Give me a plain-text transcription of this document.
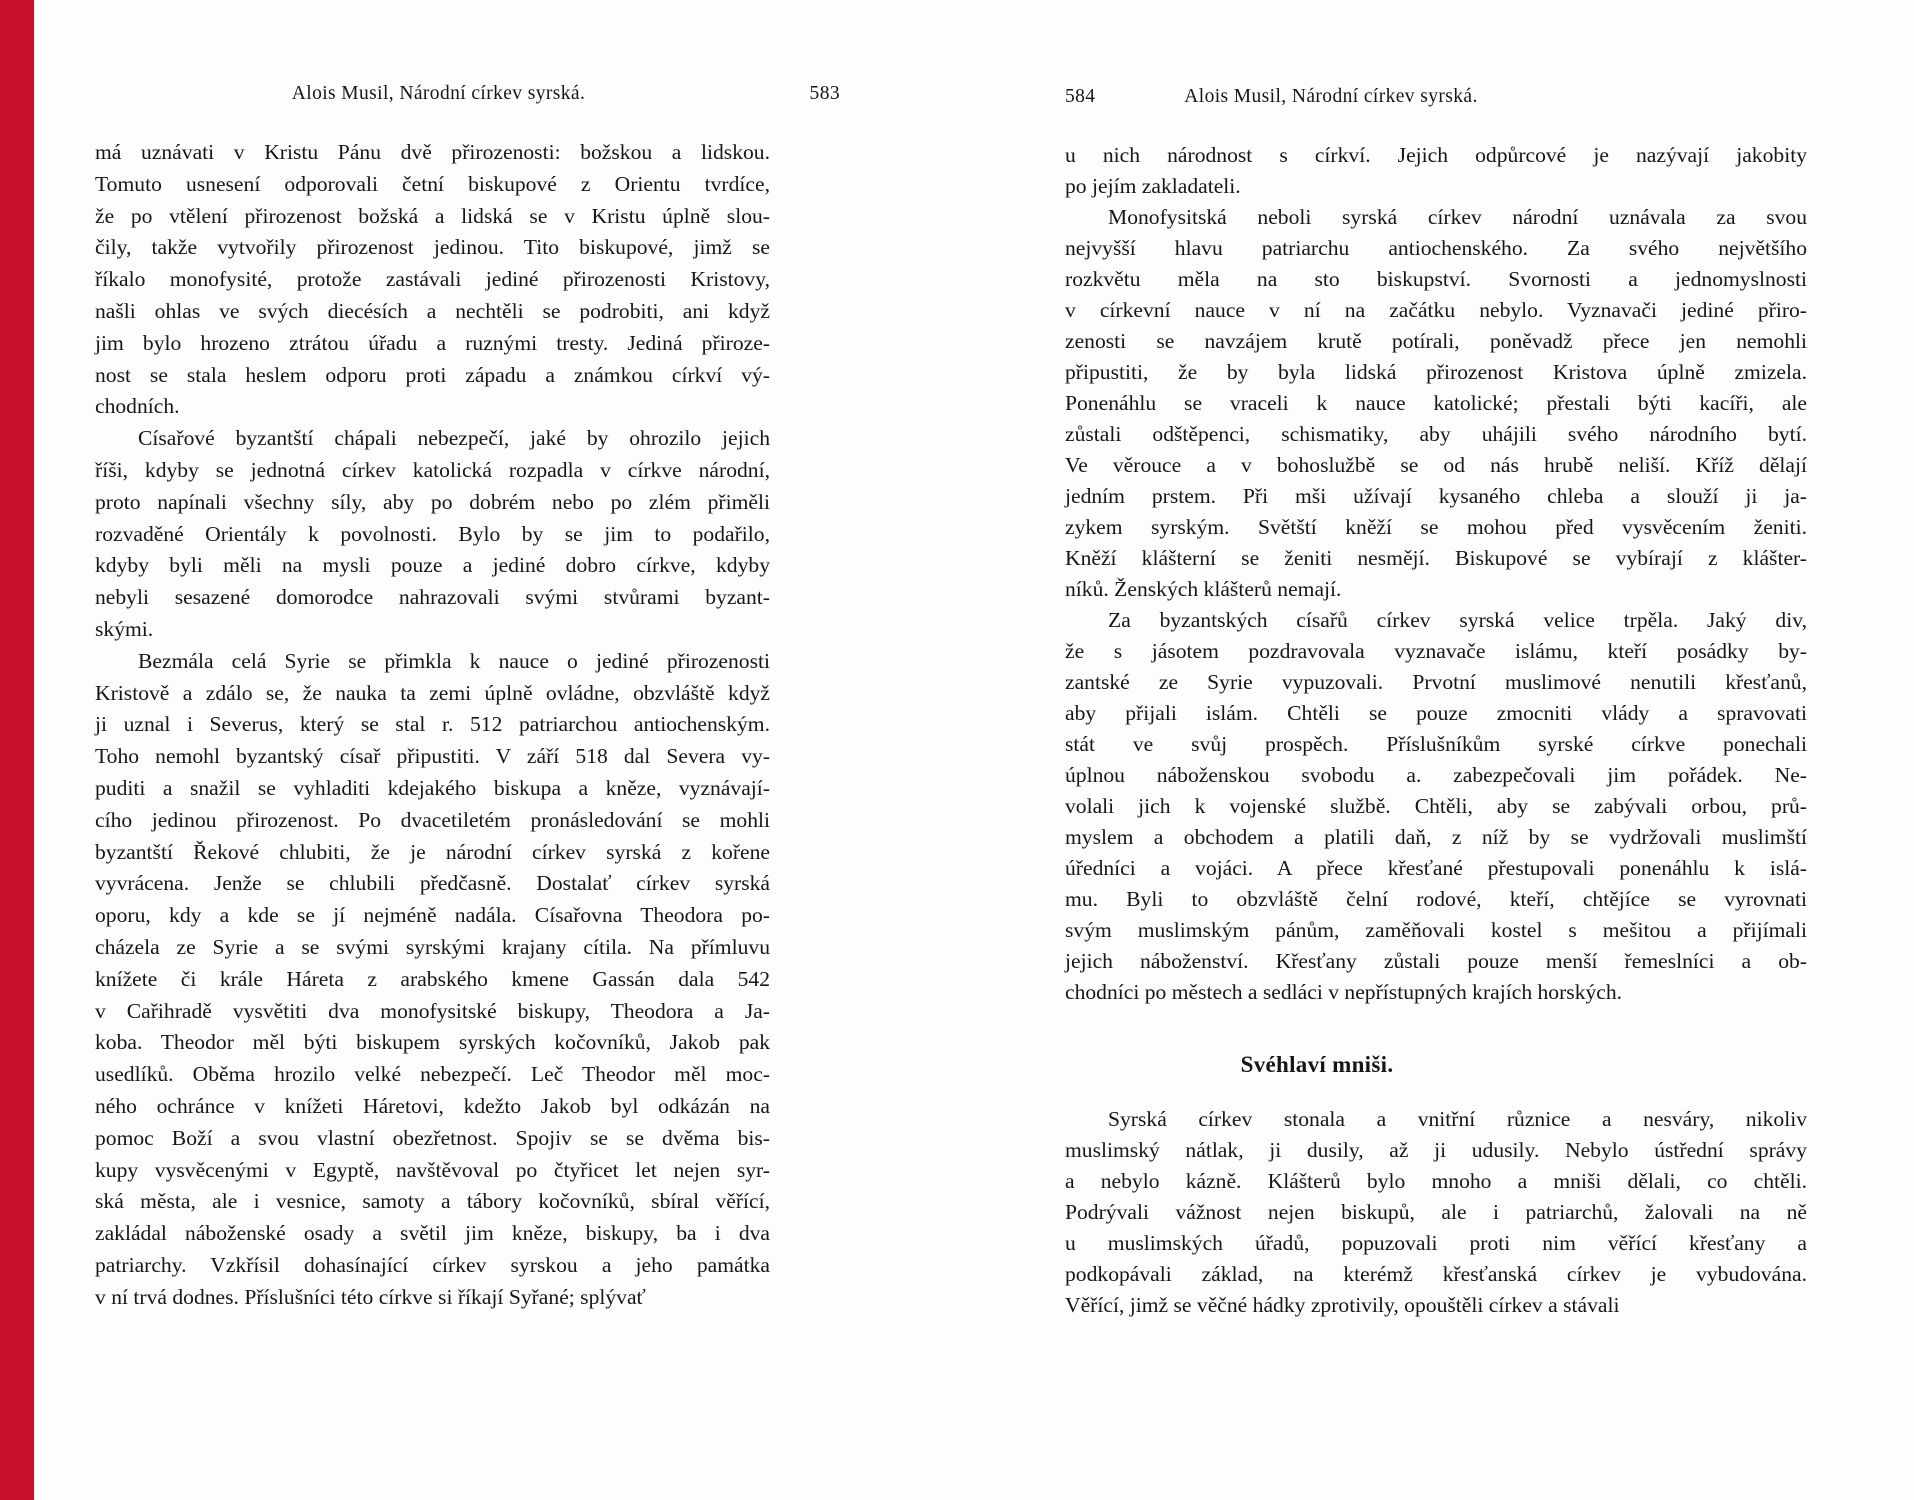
Alois Musil, Národní církev syrská.	583
má uznávati v Kristu Pánu dvě přirozenosti: božskou a lidskou.
Tomuto usnesení odporovali četní biskupové z Orientu tvrdíce,
že po vtělení přirozenost božská a lidská se v Kristu úplně slou-
čily, takže vytvořily přirozenost jedinou. Tito biskupové, jimž se
říkalo monofysité, protože zastávali jediné přirozenosti Kristovy,
našli ohlas ve svých diecésích a nechtěli se podrobiti, ani když
jim bylo hrozeno ztrátou úřadu a ruznými tresty. Jediná přiroze-
nost se stala heslem odporu proti západu a známkou církví vý-
chodních.
Císařové byzantští chápali nebezpečí, jaké by ohrozilo jejich
říši, kdyby se jednotná církev katolická rozpadla v církve národní,
proto napínali všechny síly, aby po dobrém nebo po zlém přiměli
rozvaděné Orientály k povolnosti. Bylo by se jim to podařilo,
kdyby byli měli na mysli pouze a jediné dobro církve, kdyby
nebyli sesazené domorodce nahrazovali svými stvůrami byzant-
skými.
Bezmála celá Syrie se přimkla k nauce o jediné přirozenosti
Kristově a zdálo se, že nauka ta zemi úplně ovládne, obzvláště když
ji uznal i Severus, který se stal r. 512 patriarchou antiochenským.
Toho nemohl byzantský císař připustiti. V září 518 dal Severa vy-
puditi a snažil se vyhladiti kdejakého biskupa a kněze, vyznávají-
cího jedinou přirozenost. Po dvacetiletém pronásledování se mohli
byzantští Řekové chlubiti, že je národní církev syrská z kořene
vyvrácena. Jenže se chlubili předčasně. Dostalať církev syrská
oporu, kdy a kde se jí nejméně nadála. Císařovna Theodora po-
cházela ze Syrie a se svými syrskými krajany cítila. Na přímluvu
knížete či krále Háreta z arabského kmene Gassán dala 542
v Cařihradě vysvětiti dva monofysitské biskupy, Theodora a Ja-
koba. Theodor měl býti biskupem syrských kočovníků, Jakob pak
usedlíků. Oběma hrozilo velké nebezpečí. Leč Theodor měl moc-
ného ochránce v knížeti Háretovi, kdežto Jakob byl odkázán na
pomoc Boží a svou vlastní obezřetnost. Spojiv se se dvěma bis-
kupy vysvěcenými v Egyptě, navštěvoval po čtyřicet let nejen syr-
ská města, ale i vesnice, samoty a tábory kočovníků, sbíral věřící,
zakládal náboženské osady a světil jim kněze, biskupy, ba i dva
patriarchy. Vzkřísil dohasínající církev syrskou a jeho památka
v ní trvá dodnes. Příslušníci této církve si říkají Syřané; splývať
Alois Musil, Národní církev syrská.
584
u nich národnost s církví. Jejich odpůrcové je nazývají jakobity
po jejím zakladateli.
Monofysitská neboli syrská církev národní uznávala za svou
nejvyšší hlavu patriarchu antiochenského. Za svého největšího
rozkvětu měla na sto biskupství. Svornosti a jednomyslnosti
v církevní nauce v ní na začátku nebylo. Vyznavači jediné přiro-
zenosti se navzájem krutě potírali, poněvadž přece jen nemohli
připustiti, že by byla lidská přirozenost Kristova úplně zmizela.
Ponenáhlu se vraceli k nauce katolické; přestali býti kacíři, ale
zůstali odštěpenci, schismatiky, aby uhájili svého národního bytí.
Ve věrouce a v bohoslužbě se od nás hrubě neliší. Kříž dělají
jedním prstem. Při mši užívají kysaného chleba a slouží ji ja-
zykem syrským. Světští kněží se mohou před vysvěcením ženiti.
Kněží klášterní se ženiti nesmějí. Biskupové se vybírají z klášter-
níků. Ženských klášterů nemají.
Za byzantských císařů církev syrská velice trpěla. Jaký div,
že s jásotem pozdravovala vyznavače islámu, kteří posádky by-
zantské ze Syrie vypuzovali. Prvotní muslimové nenutili křesťanů,
aby přijali islám. Chtěli se pouze zmocniti vlády a spravovati
stát ve svůj prospěch. Příslušníkům syrské církve ponechali
úplnou náboženskou svobodu a. zabezpečovali jim pořádek. Ne-
volali jich k vojenské službě. Chtěli, aby se zabývali orbou, prů-
myslem a obchodem a platili daň, z níž by se vydržovali muslimští
úředníci a vojáci. A přece křesťané přestupovali ponenáhlu k islá-
mu. Byli to obzvláště čelní rodové, kteří, chtějíce se vyrovnati
svým muslimským pánům, zaměňovali kostel s mešitou a přijímali
jejich náboženství. Křesťany zůstali pouze menší řemeslníci a ob-
chodníci po městech a sedláci v nepřístupných krajích horských.
Svéhlaví mniši.
Syrská církev stonala a vnitřní různice a nesváry, nikoliv
muslimský nátlak, ji dusily, až ji udusily. Nebylo ústřední správy
a nebylo kázně. Klášterů bylo mnoho a mniši dělali, co chtěli.
Podrývali vážnost nejen biskupů, ale i patriarchů, žalovali na ně
u muslimských úřadů, popuzovali proti nim věřící křesťany a
podkopávali základ, na kterémž křesťanská církev je vybudována.
Věřící, jimž se věčné hádky zprotivily, opouštěli církev a stávali
